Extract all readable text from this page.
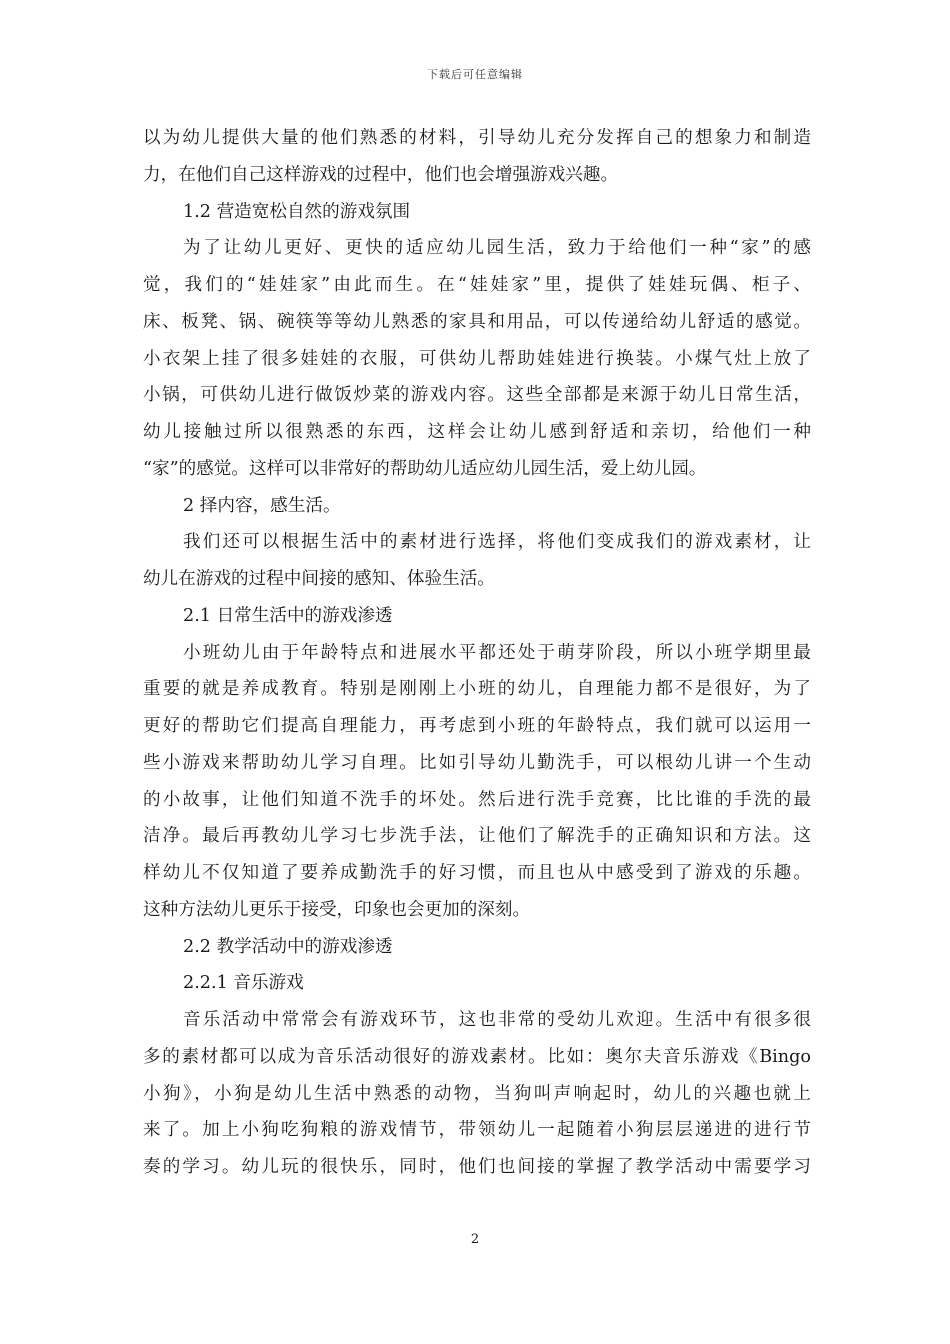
下载后可任意编辑
以为幼儿提供大量的他们熟悉的材料，引导幼儿充分发挥自己的想象力和制造
力，在他们自己这样游戏的过程中，他们也会增强游戏兴趣。
1.2 营造宽松自然的游戏氛围
为了让幼儿更好、更快的适应幼儿园生活，致力于给他们一种“家”的感
觉，我们的“娃娃家”由此而生。在“娃娃家”里，提供了娃娃玩偶、柜子、
床、板凳、锅、碗筷等等幼儿熟悉的家具和用品，可以传递给幼儿舒适的感觉。
小衣架上挂了很多娃娃的衣服，可供幼儿帮助娃娃进行换装。小煤气灶上放了
小锅，可供幼儿进行做饭炒菜的游戏内容。这些全部都是来源于幼儿日常生活，
幼儿接触过所以很熟悉的东西，这样会让幼儿感到舒适和亲切，给他们一种
“家”的感觉。这样可以非常好的帮助幼儿适应幼儿园生活，爱上幼儿园。
2 择内容，感生活。
我们还可以根据生活中的素材进行选择，将他们变成我们的游戏素材，让
幼儿在游戏的过程中间接的感知、体验生活。
2.1 日常生活中的游戏渗透
小班幼儿由于年龄特点和进展水平都还处于萌芽阶段，所以小班学期里最
重要的就是养成教育。特别是刚刚上小班的幼儿，自理能力都不是很好，为了
更好的帮助它们提高自理能力，再考虑到小班的年龄特点，我们就可以运用一
些小游戏来帮助幼儿学习自理。比如引导幼儿勤洗手，可以根幼儿讲一个生动
的小故事，让他们知道不洗手的坏处。然后进行洗手竞赛，比比谁的手洗的最
洁净。最后再教幼儿学习七步洗手法，让他们了解洗手的正确知识和方法。这
样幼儿不仅知道了要养成勤洗手的好习惯，而且也从中感受到了游戏的乐趣。
这种方法幼儿更乐于接受，印象也会更加的深刻。
2.2 教学活动中的游戏渗透
2.2.1 音乐游戏
音乐活动中常常会有游戏环节，这也非常的受幼儿欢迎。生活中有很多很
多的素材都可以成为音乐活动很好的游戏素材。比如：奥尔夫音乐游戏《Bingo
小狗》，小狗是幼儿生活中熟悉的动物，当狗叫声响起时，幼儿的兴趣也就上
来了。加上小狗吃狗粮的游戏情节，带领幼儿一起随着小狗层层递进的进行节
奏的学习。幼儿玩的很快乐，同时，他们也间接的掌握了教学活动中需要学习
2
